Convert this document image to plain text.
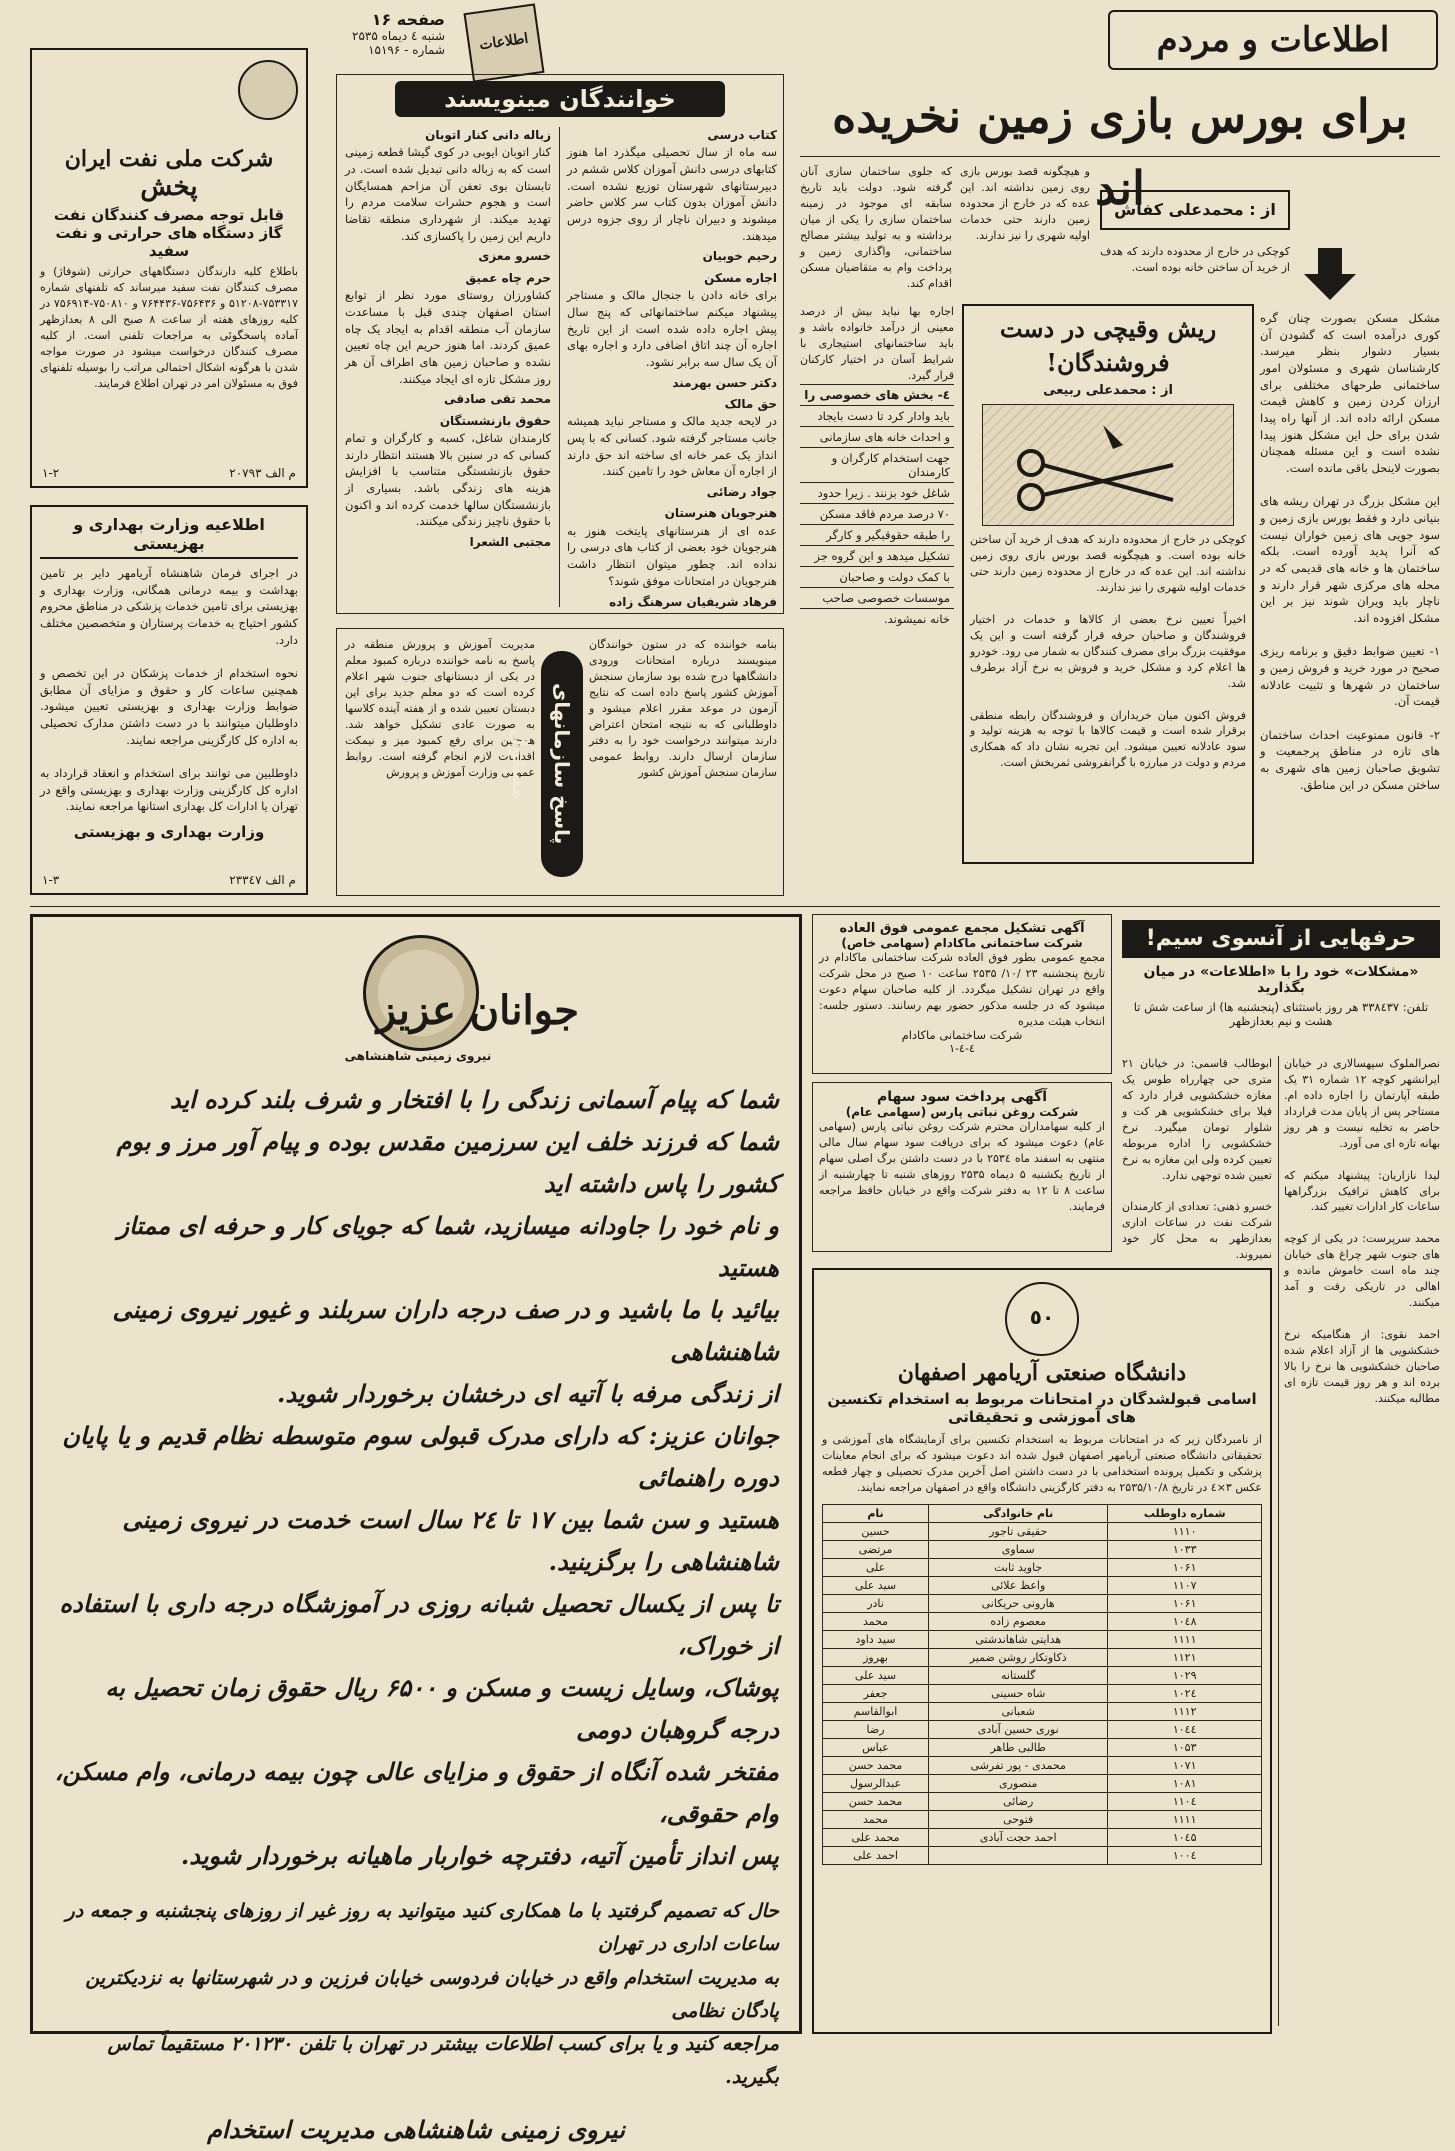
صفحه ۱۶
شنبه ٤ دیماه ۲۵۳۵
شماره - ۱۵۱۹۶	اطلاعات	اطلاعات و مردم
شرکت ملی نفت ایران
پخش
قابل توجه مصرف کنندگان نفت گاز دستگاه های حرارتی و نفت سفید
باطلاع کلیه دارندگان دستگاههای حرارتی (شوفاژ) و مصرف کنندگان نفت سفید میرساند که تلفنهای شماره ۷۵۳۳۱۷-۵۱۲۰۸ و ۷۵۶۴۳۶-۷۶۴۴۳۶ و ۷۵۰۸۱۰-۷۵۶۹۱۴ در کلیه روزهای هفته از ساعت ۸ صبح الی ۸ بعدازظهر آماده پاسخگوئی به مراجعات تلفنی است. از کلیه مصرف کنندگان درخواست میشود در صورت مواجه شدن با هرگونه اشکال احتمالی مراتب را بوسیله تلفنهای فوق به مسئولان امر در تهران اطلاع فرمایند.
م الف ۲۰۷۹۳
۱-۲
اطلاعیه وزارت بهداری و بهزیستی
در اجرای فرمان شاهنشاه آریامهر دایر بر تامین بهداشت و بیمه درمانی همگانی، وزارت بهداری و بهزیستی برای تامین خدمات پزشکی در مناطق محروم کشور احتیاج به خدمات پرستاران و متخصصین مختلف دارد.

نحوه استخدام از خدمات پزشکان در این تخصص و همچنین ساعات کار و حقوق و مزایای آن مطابق ضوابط وزارت بهداری و بهزیستی تعیین میشود. داوطلبان میتوانند با در دست داشتن مدارک تحصیلی به اداره کل کارگزینی مراجعه نمایند.

داوطلبین می توانند برای استخدام و انعقاد قرارداد به اداره کل کارگزینی وزارت بهداری و بهزیستی واقع در تهران یا ادارات کل بهداری استانها مراجعه نمایند.
وزارت بهداری و بهزیستی
م الف ۲۳۳٤۷
۱-۳
خوانندگان مینویسند
کتاب درسی

سه ماه از سال تحصیلی میگذرد اما هنوز کتابهای درسی دانش آموزان کلاس ششم در دبیرستانهای شهرستان توزیع نشده است. دانش آموزان بدون کتاب سر کلاس حاضر میشوند و دبیران ناچار از روی جزوه درس میدهند.

رحیم خوبیان

اجاره مسکن

برای خانه دادن با جنجال مالک و مستاجر پیشنهاد میکنم ساختمانهائی که پنج سال پیش اجاره داده شده است از این تاریخ اجاره آن چند اتاق اضافی دارد و اجاره بهای آن یک سال سه برابر نشود.

دکتر حسن بهرمند

حق مالک

در لایحه جدید مالک و مستاجر نباید همیشه جانب مستاجر گرفته شود. کسانی که با پس انداز یک عمر خانه ای ساخته اند حق دارند از اجاره آن معاش خود را تامین کنند.

جواد رضائی

هنرجویان هنرستان

عده ای از هنرستانهای پایتخت هنوز به هنرجویان خود بعضی از کتاب های درسی را نداده اند. چطور میتوان انتظار داشت هنرجویان در امتحانات موفق شوند؟

فرهاد شریفیان سرهنگ زاده

زباله دانی کنار اتوبان

کنار اتوبان ایوبی در کوی گیشا قطعه زمینی است که به زباله دانی تبدیل شده است. در تابستان بوی تعفن آن مزاحم همسایگان است و هجوم حشرات سلامت مردم را تهدید میکند. از شهرداری منطقه تقاضا داریم این زمین را پاکسازی کند.

خسرو معزی

حرم چاه عمیق

کشاورزان روستای مورد نظر از توابع استان اصفهان چندی قبل با مساعدت سازمان آب منطقه اقدام به ایجاد یک چاه عمیق کردند. اما هنوز حریم این چاه تعیین نشده و صاحبان زمین های اطراف آن هر روز مشکل تازه ای ایجاد میکنند.

محمد تقی صادقی

حقوق بازنشستگان

کارمندان شاغل، کسبه و کارگران و تمام کسانی که در سنین بالا هستند انتظار دارند حقوق بازنشستگی متناسب با افزایش هزینه های زندگی باشد. بسیاری از بازنشستگان سالها خدمت کرده اند و اکنون با حقوق ناچیز زندگی میکنند.

مجتبی الشعرا

مدیریت آموزش و پرورش منطقه در پاسخ به نامه خواننده درباره کمبود معلم در یکی از دبستانهای جنوب شهر اعلام کرده است که دو معلم جدید برای این دبستان تعیین شده و از هفته آینده کلاسها به صورت عادی تشکیل خواهد شد. همچنین برای رفع کمبود میز و نیمکت اقدامات لازم انجام گرفته است. روابط عمومی وزارت آموزش و پرورش پاسخ سازمانهای مسئول
بنامه خواننده که در ستون خوانندگان مینویسند درباره امتحانات ورودی دانشگاهها درج شده بود سازمان سنجش آموزش کشور پاسخ داده است که نتایج آزمون در موعد مقرر اعلام میشود و داوطلبانی که به نتیجه امتحان اعتراض دارند میتوانند درخواست خود را به دفتر سازمان ارسال دارند. روابط عمومی سازمان سنجش آموزش کشور
برای بورس بازی زمین نخریده اند

و هیچگونه قصد بورس بازی روی زمین نداشته اند. این عده که در خارج از محدوده زمین دارند حتی خدمات اولیه شهری را نیز ندارند.

که جلوی ساختمان سازی آنان گرفته شود. دولت باید تاریخ سابقه ای موجود در زمینه ساختمان سازی را یکی از میان برداشته و به تولید بیشتر مصالح ساختمانی، واگذاری زمین و پرداخت وام به متقاضیان مسکن اقدام کند.

از : محمدعلی کفاش
مشکل مسکن بصورت چنان گره کوری درآمده است که گشودن آن بسیار دشوار بنظر میرسد. کارشناسان شهری و مسئولان امور ساختمانی طرحهای مختلفی برای ارزان کردن زمین و کاهش قیمت مسکن ارائه داده اند. از آنها راه پیدا شدن برای حل این مشکل هنوز پیدا نشده است و این مسئله همچنان بصورت لاینحل باقی مانده است.

این مشکل بزرگ در تهران ریشه های بنیانی دارد و فقط بورس بازی زمین و سود جویی های زمین خواران نیست که آنرا پدید آورده است. بلکه ساختمان ها و خانه های قدیمی که در محله های مرکزی شهر قرار دارند و ناچار باید ویران شوند نیز بر این مشکل افزوده اند.

۱- تعیین ضوابط دقیق و برنامه ریزی صحیح در مورد خرید و فروش زمین و ساختمان در شهرها و تثبیت عادلانه قیمت آن.

۲- قانون ممنوعیت احداث ساختمان های تازه در مناطق پرجمعیت و تشویق صاحبان زمین های شهری به ساختن مسکن در این مناطق.

کوچکی در خارج از محدوده دارند که هدف از خرید آن ساختن خانه بوده است.

ریش وقیچی در دست فروشندگان!
از : محمدعلی ربیعی
کوچکی در خارج از محدوده دارند که هدف از خرید آن ساختن خانه بوده است. و هیچگونه قصد بورس بازی روی زمین نداشته اند. این عده که در خارج از محدوده زمین دارند حتی خدمات اولیه شهری را نیز ندارند.

اخیراً تعیین نرخ بعضی از کالاها و خدمات در اختیار فروشندگان و صاحبان حرفه قرار گرفته است و این یک موفقیت بزرگ برای مصرف کنندگان به شمار می رود. خودرو ها اعلام کرد و مشکل خرید و فروش به نرخ آزاد برطرف شد.

فروش اکنون میان خریداران و فروشندگان رابطه منطقی برقرار شده است و قیمت کالاها با توجه به هزینه تولید و سود عادلانه تعیین میشود. این تجربه نشان داد که همکاری مردم و دولت در مبارزه با گرانفروشی ثمربخش است.

اجاره بها نباید بیش از درصد معینی از درآمد خانواده باشد و باید ساختمانهای استیجاری با شرایط آسان در اختیار کارکنان قرار گیرد.

٤- بخش های خصوصی را
باید وادار کرد تا دست بایجاد
و احداث خانه های سازمانی
جهت استخدام کارگران و کارمندان
شاغل خود بزنند . زیرا حدود
۷۰ درصد مردم فاقد مسکن
را طبقه حقوقبگیر و کارگر
تشکیل میدهد و این گروه جز
با کمک دولت و صاحبان
موسسات خصوصی صاحب
خانه نمیشوند.
نیروی زمینی شاهنشاهی
جوانان عزیز
شما که پیام آسمانی زندگی را با افتخار و شرف بلند کرده اید
شما که فرزند خلف این سرزمین مقدس بوده و پیام آور مرز و بوم کشور را پاس داشته اید
و نام خود را جاودانه میسازید، شما که جویای کار و حرفه ای ممتاز هستید
بیائید با ما باشید و در صف درجه داران سربلند و غیور نیروی زمینی شاهنشاهی
از زندگی مرفه با آتیه ای درخشان برخوردار شوید.
جوانان عزیز: که دارای مدرک قبولی سوم متوسطه نظام قدیم و یا پایان دوره راهنمائی
هستید و سن شما بین ۱۷ تا ۲٤ سال است خدمت در نیروی زمینی شاهنشاهی را برگزینید.
تا پس از یکسال تحصیل شبانه روزی در آموزشگاه درجه داری با استفاده از خوراک،
پوشاک، وسایل زیست و مسکن و ۶۵۰۰ ریال حقوق زمان تحصیل به درجه گروهبان دومی
مفتخر شده آنگاه از حقوق و مزایای عالی چون بیمه درمانی، وام مسکن، وام حقوقی،
پس انداز تأمین آتیه، دفترچه خواربار ماهیانه برخوردار شوید.
حال که تصمیم گرفتید با ما همکاری کنید میتوانید به روز غیر از روزهای پنجشنبه و جمعه در ساعات اداری در تهران
به مدیریت استخدام واقع در خیابان فردوسی خیابان فرزین و در شهرستانها به نزدیکترین پادگان نظامی
مراجعه کنید و یا برای کسب اطلاعات بیشتر در تهران با تلفن ۲۰۱۲۳۰ مستقیماً تماس بگیرید.
نیروی زمینی شاهنشاهی مدیریت استخدام
آگهی تشکیل مجمع عمومی فوق العاده
شرکت ساختمانی ماکادام (سهامی خاص)
مجمع عمومی بطور فوق العاده شرکت ساختمانی ماکادام در تاریخ پنجشنبه ۲۳ /۱۰/ ۲۵۳۵ ساعت ۱۰ صبح در محل شرکت واقع در تهران تشکیل میگردد. از کلیه صاحبان سهام دعوت میشود که در جلسه مذکور حضور بهم رسانند. دستور جلسه: انتخاب هیئت مدیره
شرکت ساختمانی ماکادام
٤-٤-١
آگهی پرداخت سود سهام
شرکت روغن نباتی پارس (سهامی عام)
از کلیه سهامداران محترم شرکت روغن نباتی پارس (سهامی عام) دعوت میشود که برای دریافت سود سهام سال مالی منتهی به اسفند ماه ۲۵۳٤ با در دست داشتن برگ اصلی سهام از تاریخ یکشنبه ۵ دیماه ۲۵۳۵ روزهای شنبه تا چهارشنبه از ساعت ۸ تا ۱۲ به دفتر شرکت واقع در خیابان حافظ مراجعه فرمایند.
حرفهایی از آنسوی سیم!
«مشکلات» خود را با «اطلاعات» در میان بگذارید
تلفن: ۳۳۸٤۳۷ هر روز باستثنای (پنجشنبه ها) از ساعت شش تا هشت و نیم بعدازظهر
ابوطالب قاسمی: در خیابان ۲۱ متری حی چهارراه طوس یک مغازه خشکشویی قرار دارد که فیلا برای خشکشویی هر کت و شلوار تومان میگیرد. نرخ خشکشویی را اداره مربوطه تعیین کرده ولی این مغازه به نرخ تعیین شده توجهی ندارد.

خسرو ذهنی: تعدادی از کارمندان شرکت نفت در ساعات اداری بعدازظهر به محل کار خود نمیروند.
نصرالملوک سپهسالاری در خیابان ایرانشهر کوچه ۱۲ شماره ۳۱ یک طبقه آپارتمان را اجاره داده ام. مستاجر پس از پایان مدت قرارداد حاضر به تخلیه نیست و هر روز بهانه تازه ای می آورد.

لیدا نازاریان: پیشنهاد میکنم که برای کاهش ترافیک بزرگراهها ساعات کار ادارات تغییر کند.

محمد سرپرست: در یکی از کوچه های جنوب شهر چراغ های خیابان چند ماه است خاموش مانده و اهالی در تاریکی رفت و آمد میکنند.

احمد نقوی: از هنگامیکه نرخ خشکشویی ها از آزاد اعلام شده صاحبان خشکشویی ها نرخ را بالا برده اند و هر روز قیمت تازه ای مطالبه میکنند.
٥٠
دانشگاه صنعتی آریامهر اصفهان
اسامی قبولشدگان در امتحانات مربوط به استخدام تکنسین های آموزشی و تحقیقاتی
از نامبردگان زیر که در امتحانات مربوط به استخدام تکنسین برای آزمایشگاه های آموزشی و تحقیقاتی دانشگاه صنعتی آریامهر اصفهان قبول شده اند دعوت میشود که برای انجام معاینات پزشکی و تکمیل پرونده استخدامی با در دست داشتن اصل آخرین مدرک تحصیلی و چهار قطعه عکس ۳×٤ در تاریخ ۲۵۳۵/۱۰/۸ به دفتر کارگزینی دانشگاه واقع در اصفهان مراجعه نمایند.
شماره داوطلب	نام خانوادگی	نام
۱۱۱۰	حقیقی تاجور	حسین
۱۰۳۳	سماوی	مرتضی
۱۰۶۱	جاوید ثابت	علی
۱۱۰۷	واعظ علائی	سید علی
۱۰۶۱	هارونی حریکانی	نادر
۱۰٤۸	معصوم زاده	محمد
۱۱۱۱	هدایتی شاهاندشتی	سید داود
۱۱۲۱	ذکاوتکار روشن ضمیر	بهروز
۱۰۲۹	گلستانه	سید علی
۱۰۲٤	شاه حسینی	جعفر
۱۱۱۲	شعبانی	ابوالقاسم
۱۰٤٤	نوری حسین آبادی	رضا
۱۰۵۳	طالبی طاهر	عباس
۱۰۷۱	محمدی - پور تفرشی	محمد حسن
۱۰۸۱	منصوری	عبدالرسول
۱۱۰٤	رضائی	محمد حسن
۱۱۱۱	فتوحی	محمد
۱۰٤۵	احمد حجت آبادی	محمد علی
۱۰۰٤		احمد علی
